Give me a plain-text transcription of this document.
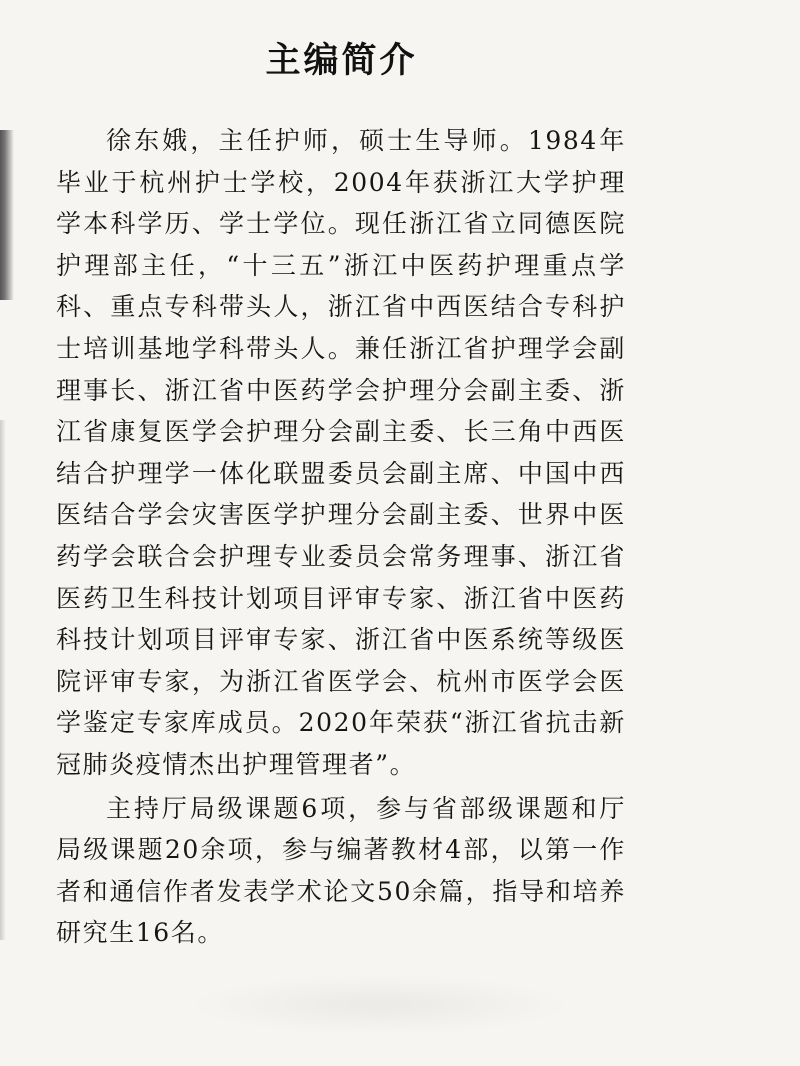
主编简介

徐东娥，主任护师，硕士生导师。1984年毕业于杭州护士学校，2004年获浙江大学护理学本科学历、学士学位。现任浙江省立同德医院护理部主任，“十三五”浙江中医药护理重点学科、重点专科带头人，浙江省中西医结合专科护士培训基地学科带头人。兼任浙江省护理学会副理事长、浙江省中医药学会护理分会副主委、浙江省康复医学会护理分会副主委、长三角中西医结合护理学一体化联盟委员会副主席、中国中西医结合学会灾害医学护理分会副主委、世界中医药学会联合会护理专业委员会常务理事、浙江省医药卫生科技计划项目评审专家、浙江省中医药科技计划项目评审专家、浙江省中医系统等级医院评审专家，为浙江省医学会、杭州市医学会医学鉴定专家库成员。2020年荣获“浙江省抗击新冠肺炎疫情杰出护理管理者”。

主持厅局级课题6项，参与省部级课题和厅局级课题20余项，参与编著教材4部，以第一作者和通信作者发表学术论文50余篇，指导和培养研究生16名。
